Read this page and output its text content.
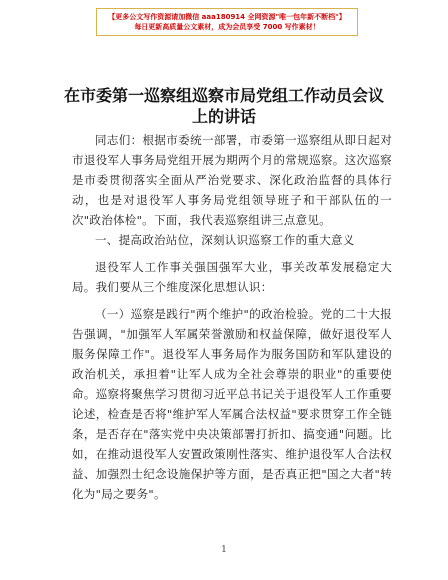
【更多公文写作资源请加微信 aaa180914 全网资源"唯一包年新不断档"】
每日更新高质量公文素材，成为会员享受 7000 写作素材！
在市委第一巡察组巡察市局党组工作动员会议上的讲话

同志们：根据市委统一部署，市委第一巡察组从即日起对市退役军人事务局党组开展为期两个月的常规巡察。这次巡察是市委贯彻落实全面从严治党要求、深化政治监督的具体行动，也是对退役军人事务局党组领导班子和干部队伍的一次"政治体检"。下面，我代表巡察组讲三点意见。

一、提高政治站位，深刻认识巡察工作的重大意义

退役军人工作事关强国强军大业，事关改革发展稳定大局。我们要从三个维度深化思想认识：

（一）巡察是践行"两个维护"的政治检验。党的二十大报告强调，"加强军人军属荣誉激励和权益保障，做好退役军人服务保障工作"。退役军人事务局作为服务国防和军队建设的政治机关，承担着"让军人成为全社会尊崇的职业"的重要使命。巡察将聚焦学习贯彻习近平总书记关于退役军人工作重要论述，检查是否将"维护军人军属合法权益"要求贯穿工作全链条，是否存在"落实党中央决策部署打折扣、搞变通"问题。比如，在推动退役军人安置政策刚性落实、维护退役军人合法权益、加强烈士纪念设施保护等方面，是否真正把"国之大者"转化为"局之要务"。

1
